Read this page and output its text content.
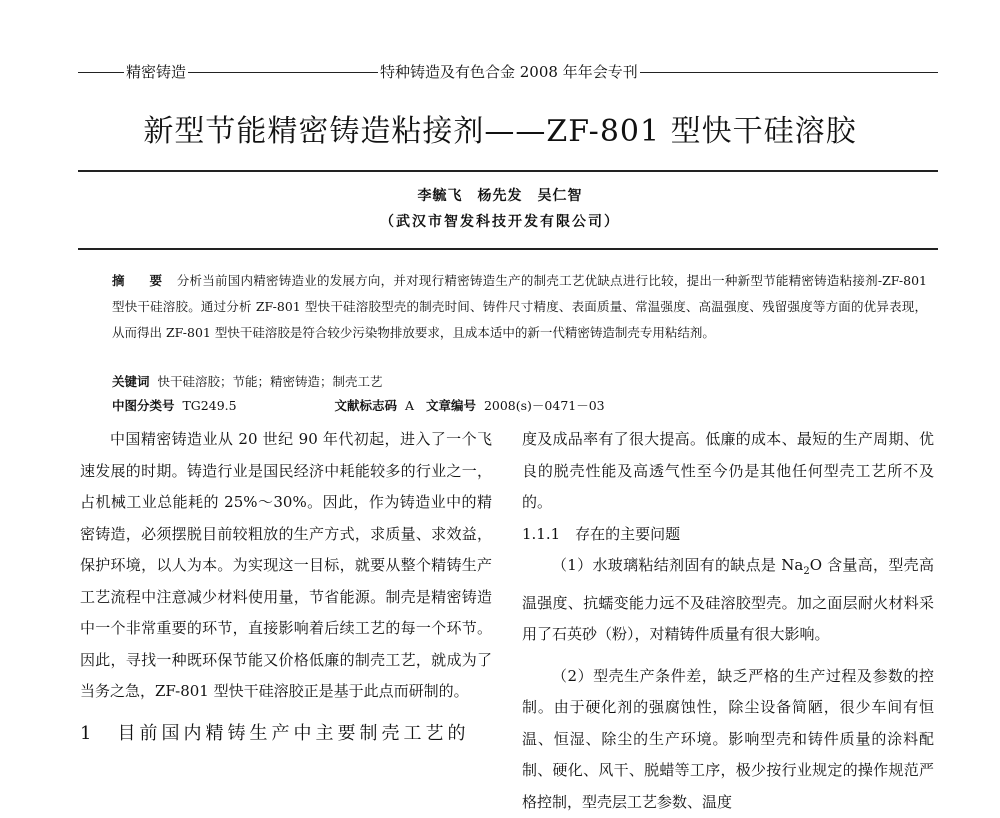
精密铸造	特种铸造及有色合金 2008 年年会专刊
新型节能精密铸造粘接剂——ZF-801 型快干硅溶胶
李毓飞　杨先发　吴仁智
（武汉市智发科技开发有限公司）
摘　要 分析当前国内精密铸造业的发展方向，并对现行精密铸造生产的制壳工艺优缺点进行比较，提出一种新型节能精密铸造粘接剂-ZF-801 型快干硅溶胶。通过分析 ZF-801 型快干硅溶胶型壳的制壳时间、铸件尺寸精度、表面质量、常温强度、高温强度、残留强度等方面的优异表现，从而得出 ZF-801 型快干硅溶胶是符合较少污染物排放要求，且成本适中的新一代精密铸造制壳专用粘结剂。
关键词 快干硅溶胶；节能；精密铸造；制壳工艺
中图分类号 TG249.5	文献标志码 A 文章编号 2008(s)－0471－03

中国精密铸造业从 20 世纪 90 年代初起，进入了一个飞速发展的时期。铸造行业是国民经济中耗能较多的行业之一，占机械工业总能耗的 25%～30%。因此，作为铸造业中的精密铸造，必须摆脱目前较粗放的生产方式，求质量、求效益，保护环境，以人为本。为实现这一目标，就要从整个精铸生产工艺流程中注意减少材料使用量，节省能源。制壳是精密铸造中一个非常重要的环节，直接影响着后续工艺的每一个环节。因此，寻找一种既环保节能又价格低廉的制壳工艺，就成为了当务之急，ZF-801 型快干硅溶胶正是基于此点而研制的。

1　目前国内精铸生产中主要制壳工艺的

度及成品率有了很大提高。低廉的成本、最短的生产周期、优良的脱壳性能及高透气性至今仍是其他任何型壳工艺所不及的。

1.1.1　存在的主要问题

（1）水玻璃粘结剂固有的缺点是 $Na_2O$ 含量高，型壳高温强度、抗蠕变能力远不及硅溶胶型壳。加之面层耐火材料采用了石英砂（粉），对精铸件质量有很大影响。

（2）型壳生产条件差，缺乏严格的生产过程及参数的控制。由于硬化剂的强腐蚀性，除尘设备简陋，很少车间有恒温、恒湿、除尘的生产环境。影响型壳和铸件质量的涂料配制、硬化、风干、脱蜡等工序，极少按行业规定的操作规范严格控制，型壳层工艺参数、温度
